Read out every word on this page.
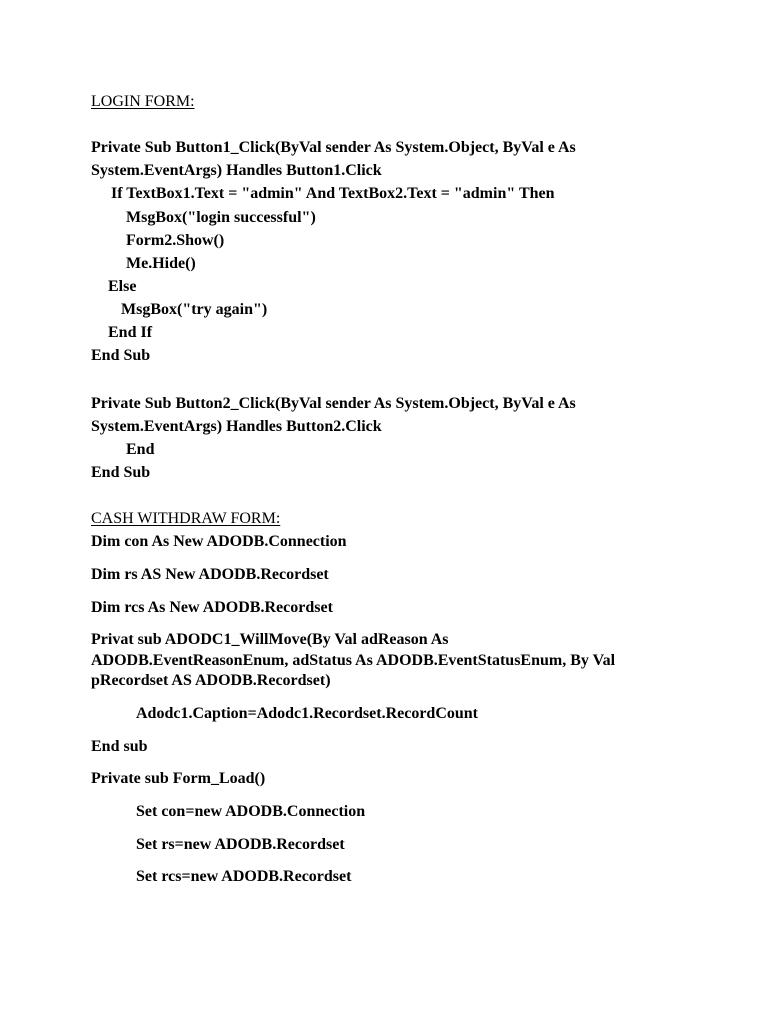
LOGIN FORM:
Private Sub Button1_Click(ByVal sender As System.Object, ByVal e As
System.EventArgs) Handles Button1.Click
If TextBox1.Text = "admin" And TextBox2.Text = "admin" Then
MsgBox("login successful")
Form2.Show()
Me.Hide()
Else
MsgBox("try again")
End If
End Sub
Private Sub Button2_Click(ByVal sender As System.Object, ByVal e As
System.EventArgs) Handles Button2.Click
End
End Sub
CASH WITHDRAW FORM:
Dim con As New ADODB.Connection
Dim rs AS New ADODB.Recordset
Dim rcs As New ADODB.Recordset
Privat sub ADODC1_WillMove(By Val adReason As
ADODB.EventReasonEnum, adStatus As ADODB.EventStatusEnum, By Val
pRecordset AS ADODB.Recordset)
Adodc1.Caption=Adodc1.Recordset.RecordCount
End sub
Private sub Form_Load()
Set con=new ADODB.Connection
Set rs=new ADODB.Recordset
Set rcs=new ADODB.Recordset
